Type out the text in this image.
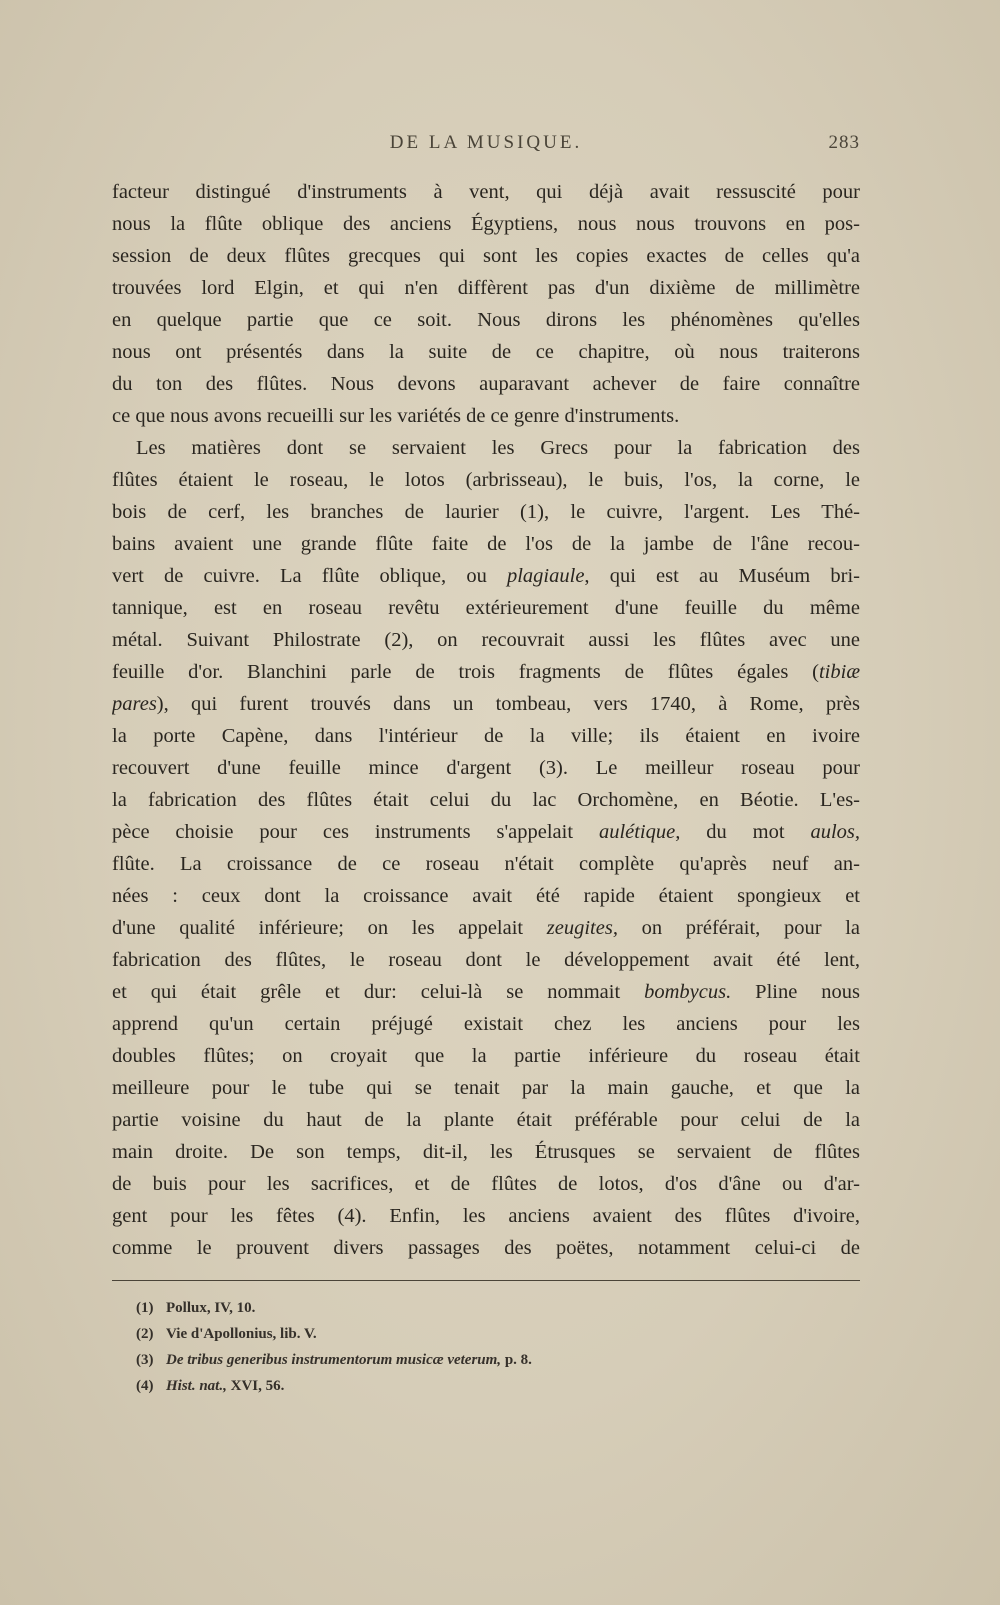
DE LA MUSIQUE.	283
facteur distingué d'instruments à vent, qui déjà avait ressuscité pour
nous la flûte oblique des anciens Égyptiens, nous nous trouvons en pos-
session de deux flûtes grecques qui sont les copies exactes de celles qu'a
trouvées lord Elgin, et qui n'en diffèrent pas d'un dixième de millimètre
en quelque partie que ce soit. Nous dirons les phénomènes qu'elles
nous ont présentés dans la suite de ce chapitre, où nous traiterons
du ton des flûtes. Nous devons auparavant achever de faire connaître
ce que nous avons recueilli sur les variétés de ce genre d'instruments.
Les matières dont se servaient les Grecs pour la fabrication des
flûtes étaient le roseau, le lotos (arbrisseau), le buis, l'os, la corne, le
bois de cerf, les branches de laurier (1), le cuivre, l'argent. Les Thé-
bains avaient une grande flûte faite de l'os de la jambe de l'âne recou-
vert de cuivre. La flûte oblique, ou plagiaule, qui est au Muséum bri-
tannique, est en roseau revêtu extérieurement d'une feuille du même
métal. Suivant Philostrate (2), on recouvrait aussi les flûtes avec une
feuille d'or. Blanchini parle de trois fragments de flûtes égales (tibiæ
pares), qui furent trouvés dans un tombeau, vers 1740, à Rome, près
la porte Capène, dans l'intérieur de la ville; ils étaient en ivoire
recouvert d'une feuille mince d'argent (3). Le meilleur roseau pour
la fabrication des flûtes était celui du lac Orchomène, en Béotie. L'es-
pèce choisie pour ces instruments s'appelait aulétique, du mot aulos,
flûte. La croissance de ce roseau n'était complète qu'après neuf an-
nées : ceux dont la croissance avait été rapide étaient spongieux et
d'une qualité inférieure; on les appelait zeugites, on préférait, pour la
fabrication des flûtes, le roseau dont le développement avait été lent,
et qui était grêle et dur: celui-là se nommait bombycus. Pline nous
apprend qu'un certain préjugé existait chez les anciens pour les
doubles flûtes; on croyait que la partie inférieure du roseau était
meilleure pour le tube qui se tenait par la main gauche, et que la
partie voisine du haut de la plante était préférable pour celui de la
main droite. De son temps, dit-il, les Étrusques se servaient de flûtes
de buis pour les sacrifices, et de flûtes de lotos, d'os d'âne ou d'ar-
gent pour les fêtes (4). Enfin, les anciens avaient des flûtes d'ivoire,
comme le prouvent divers passages des poëtes, notamment celui-ci de
(1) Pollux, IV, 10.
(2) Vie d'Apollonius, lib. V.
(3) De tribus generibus instrumentorum musicæ veterum, p. 8.
(4) Hist. nat., XVI, 56.
